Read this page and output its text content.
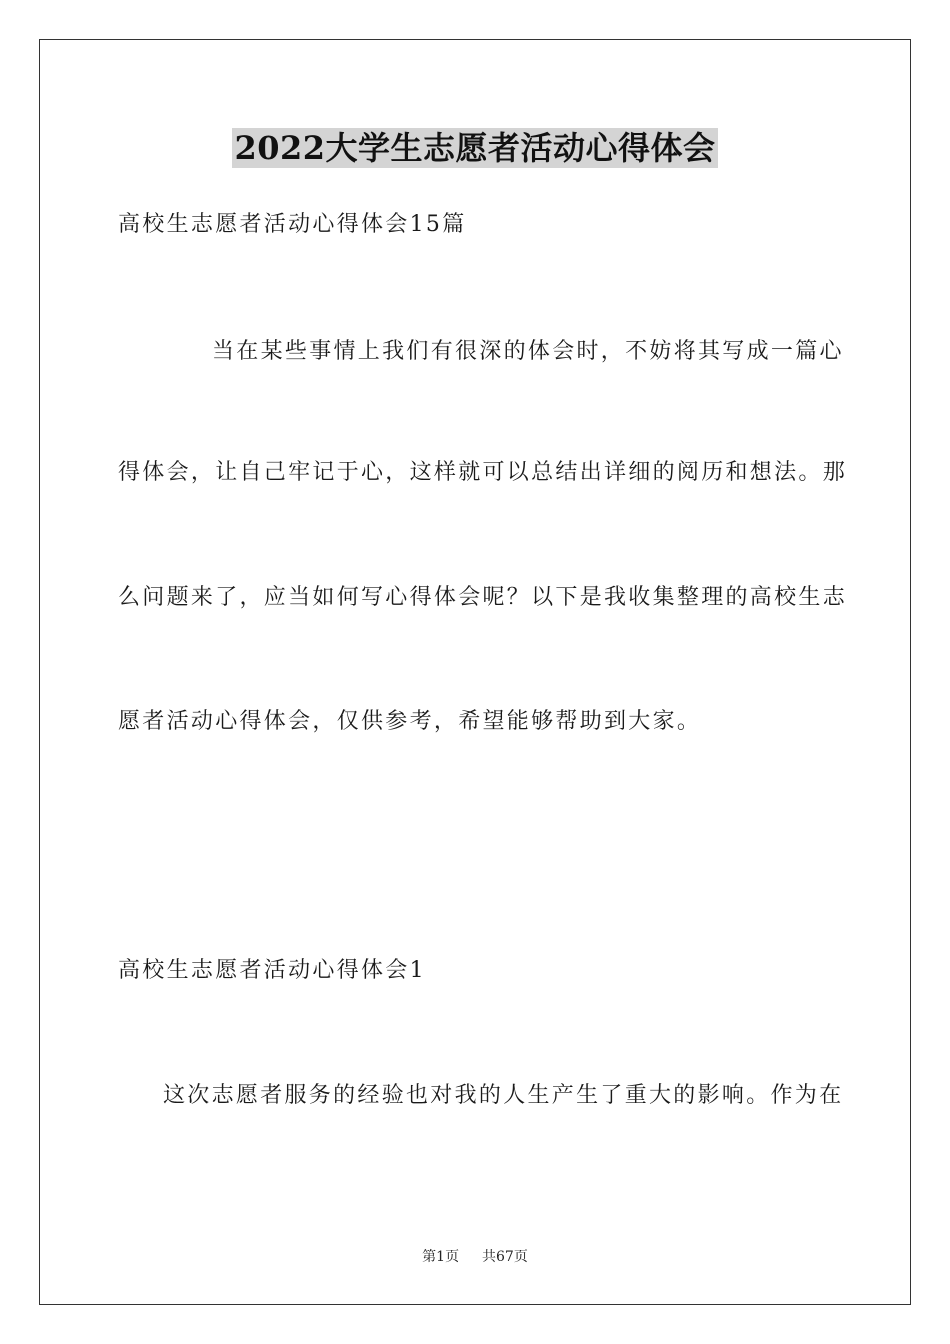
2022大学生志愿者活动心得体会
高校生志愿者活动心得体会15篇
当在某些事情上我们有很深的体会时，不妨将其写成一篇心
得体会，让自己牢记于心，这样就可以总结出详细的阅历和想法。那
么问题来了，应当如何写心得体会呢？以下是我收集整理的高校生志
愿者活动心得体会，仅供参考，希望能够帮助到大家。
高校生志愿者活动心得体会1
这次志愿者服务的经验也对我的人生产生了重大的影响。作为在
第1页 共67页
